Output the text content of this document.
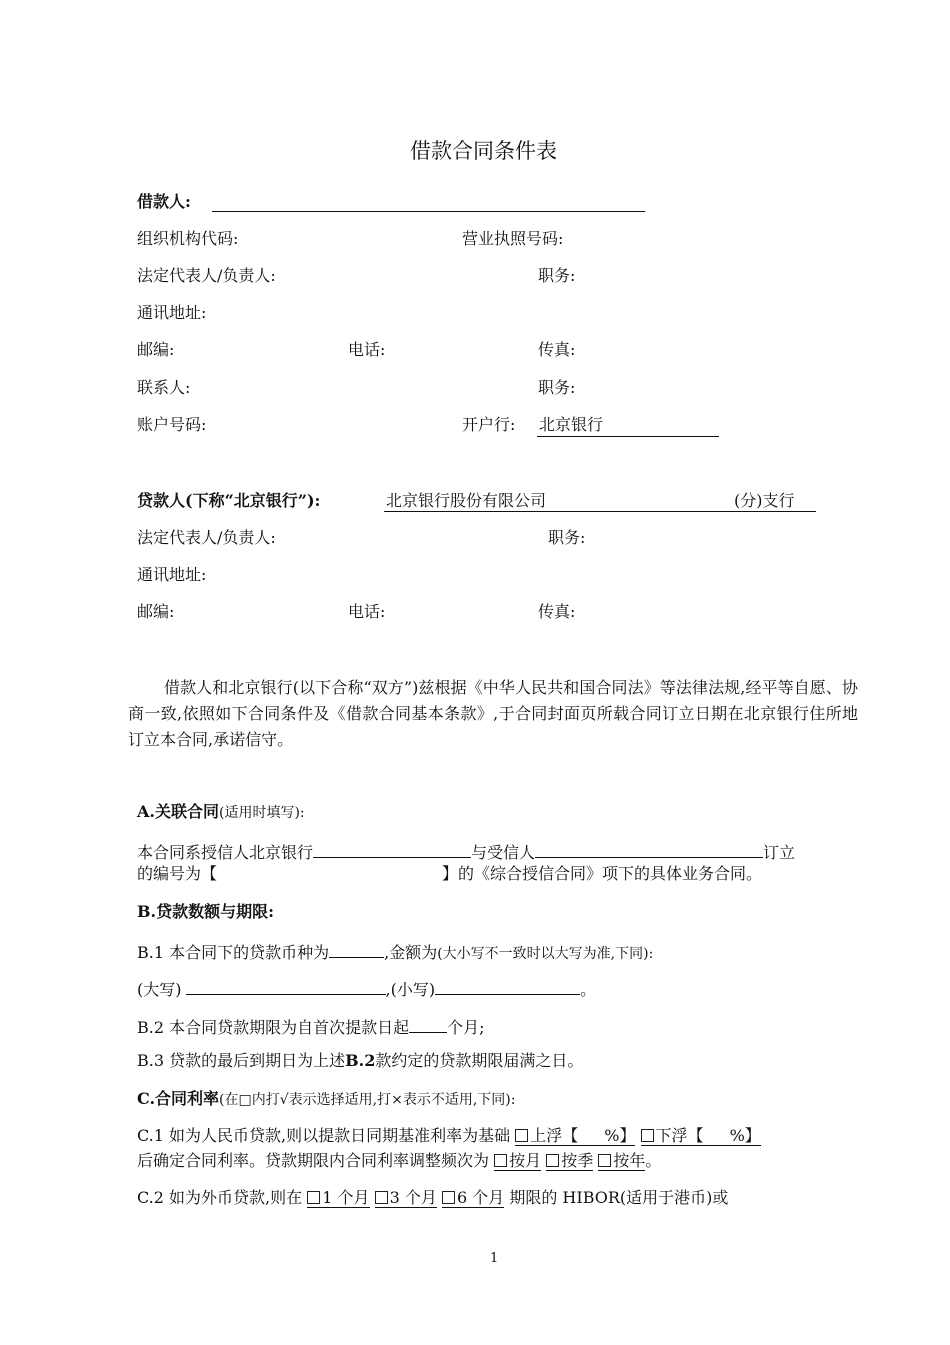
借款合同条件表
借款人:
组织机构代码:	营业执照号码:
法定代表人/负责人:	职务:
通讯地址:
邮编:	电话:	传真:
联系人:	职务:
账户号码:	开户行: 北京银行
贷款人(下称“北京银行”):	北京银行股份有限公司	(分)支行
法定代表人/负责人:	职务:
通讯地址:
邮编:	电话:	传真:
借款人和北京银行(以下合称“双方”)兹根据《中华人民共和国合同法》等法律法规,经平等自愿、协商一致,依照如下合同条件及《借款合同基本条款》,于合同封面页所载合同订立日期在北京银行住所地订立本合同,承诺信守。
A.关联合同(适用时填写):
本合同系授信人北京银行	与受信人	订立
的编号为【	】的《综合授信合同》项下的具体业务合同。
B.贷款数额与期限:
B.1 本合同下的贷款币种为	,金额为(大小写不一致时以大写为准,下同):
(大写)	,(小写)	。
B.2 本合同贷款期限为自首次提款日起 个月;
B.3 贷款的最后到期日为上述B.2款约定的贷款期限届满之日。
C.合同利率(在□内打√表示选择适用,打×表示不适用,下同):
C.1 如为人民币贷款,则以提款日同期基准利率为基础 上浮【 %】 下浮【 %】
后确定合同利率。贷款期限内合同利率调整频次为 按月 按季 按年。
C.2 如为外币贷款,则在 1 个月 3 个月 6 个月 期限的 HIBOR(适用于港币)或
1
